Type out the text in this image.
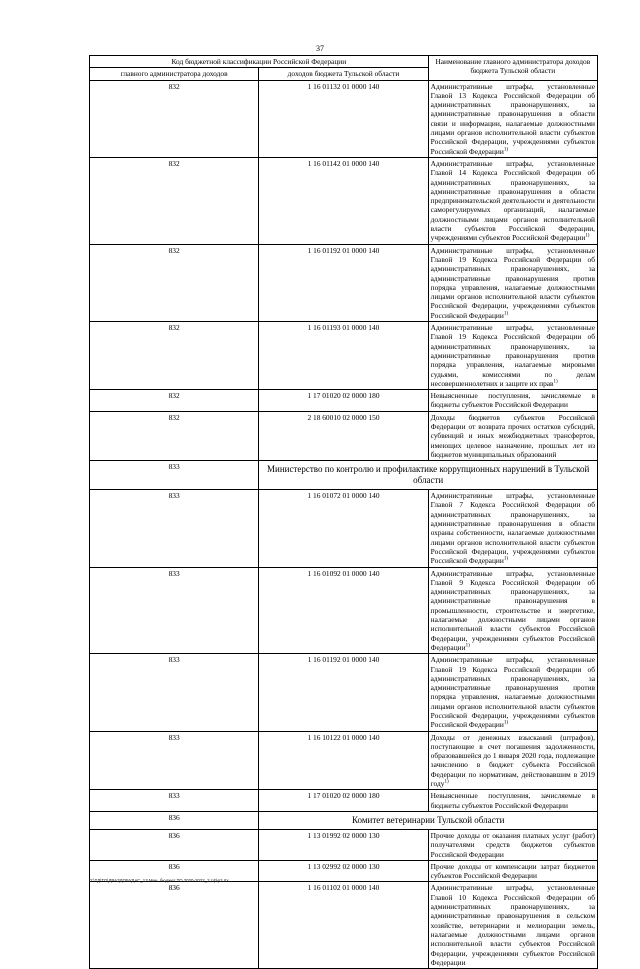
37
Код бюджетной классификации Российской Федерации		Наименование главного администратора доходов бюджета Тульской области
главного администратора доходов	доходов бюджета Тульской области	
832	1 16 01132 01 0000 140	Административные штрафы, установленные Главой 13 Кодекса Российской Федерации об административных правонарушениях, за административные правонарушения в области связи и информации, налагаемые должностными лицами органов исполнительной власти субъектов Российской Федерации, учреждениями субъектов Российской Федерации$^{1)}$
832	1 16 01142 01 0000 140	Административные штрафы, установленные Главой 14 Кодекса Российской Федерации об административных правонарушениях, за административные правонарушения в области предпринимательской деятельности и деятельности саморегулируемых организаций, налагаемые должностными лицами органов исполнительной власти субъектов Российской Федерации, учреждениями субъектов Российской Федерации$^{1)}$
832	1 16 01192 01 0000 140	Административные штрафы, установленные Главой 19 Кодекса Российской Федерации об административных правонарушениях, за административные правонарушения против порядка управления, налагаемые должностными лицами органов исполнительной власти субъектов Российской Федерации, учреждениями субъектов Российской Федерации$^{1)}$
832	1 16 01193 01 0000 140	Административные штрафы, установленные Главой 19 Кодекса Российской Федерации об административных правонарушениях, за административные правонарушения против порядка управления, налагаемые мировыми судьями, комиссиями по делам несовершеннолетних и защите их прав$^{1)}$
832	1 17 01020 02 0000 180	Невыясненные поступления, зачисляемые в бюджеты субъектов Российской Федерации
832	2 18 60010 02 0000 150	Доходы бюджетов субъектов Российской Федерации от возврата прочих остатков субсидий, субвенций и иных межбюджетных трансфертов, имеющих целевое назначение, прошлых лет из бюджетов муниципальных образований
833	Министерство по контролю и профилактике коррупционных нарушений в Тульской области	
833	1 16 01072 01 0000 140	Административные штрафы, установленные Главой 7 Кодекса Российской Федерации об административных правонарушениях, за административные правонарушения в области охраны собственности, налагаемые должностными лицами органов исполнительной власти субъектов Российской Федерации, учреждениями субъектов Российской Федерации$^{1)}$
833	1 16 01092 01 0000 140	Административные штрафы, установленные Главой 9 Кодекса Российской Федерации об административных правонарушениях, за административные правонарушения в промышленности, строительстве и энергетике, налагаемые должностными лицами органов исполнительной власти субъектов Российской Федерации, учреждениями субъектов Российской Федерации$^{1)}$
833	1 16 01192 01 0000 140	Административные штрафы, установленные Главой 19 Кодекса Российской Федерации об административных правонарушениях, за административные правонарушения против порядка управления, налагаемые должностными лицами органов исполнительной власти субъектов Российской Федерации, учреждениями субъектов Российской Федерации$^{1)}$
833	1 16 10122 01 0000 140	Доходы от денежных взысканий (штрафов), поступающие в счет погашения задолженности, образовавшейся до 1 января 2020 года, подлежащие зачислению в бюджет субъекта Российской Федерации по нормативам, действовавшим в 2019 году$^{1)}$
833	1 17 01020 02 0000 180	Невыясненные поступления, зачисляемые в бюджеты субъектов Российской Федерации
836	Комитет ветеринарии Тульской области	
836	1 13 01992 02 0000 130	Прочие доходы от оказания платных услуг (работ) получателями средств бюджетов субъектов Российской Федерации
836	1 13 02992 02 0000 130	Прочие доходы от компенсации затрат бюджетов субъектов Российской Федерации
836	1 16 01102 01 0000 140	Административные штрафы, установленные Главой 10 Кодекса Российской Федерации об административных правонарушениях, за административные правонарушения в сельском хозяйстве, ветеринарии и мелиорации земель, налагаемые должностными лицами органов исполнительной власти субъектов Российской Федерации, учреждениями субъектов Российской Федерации
D:\ТД\ТО\ДРАЗДОБУДАС_13 Мин. бюджет ТО 2020-2022_2 тф\р2.rtx
